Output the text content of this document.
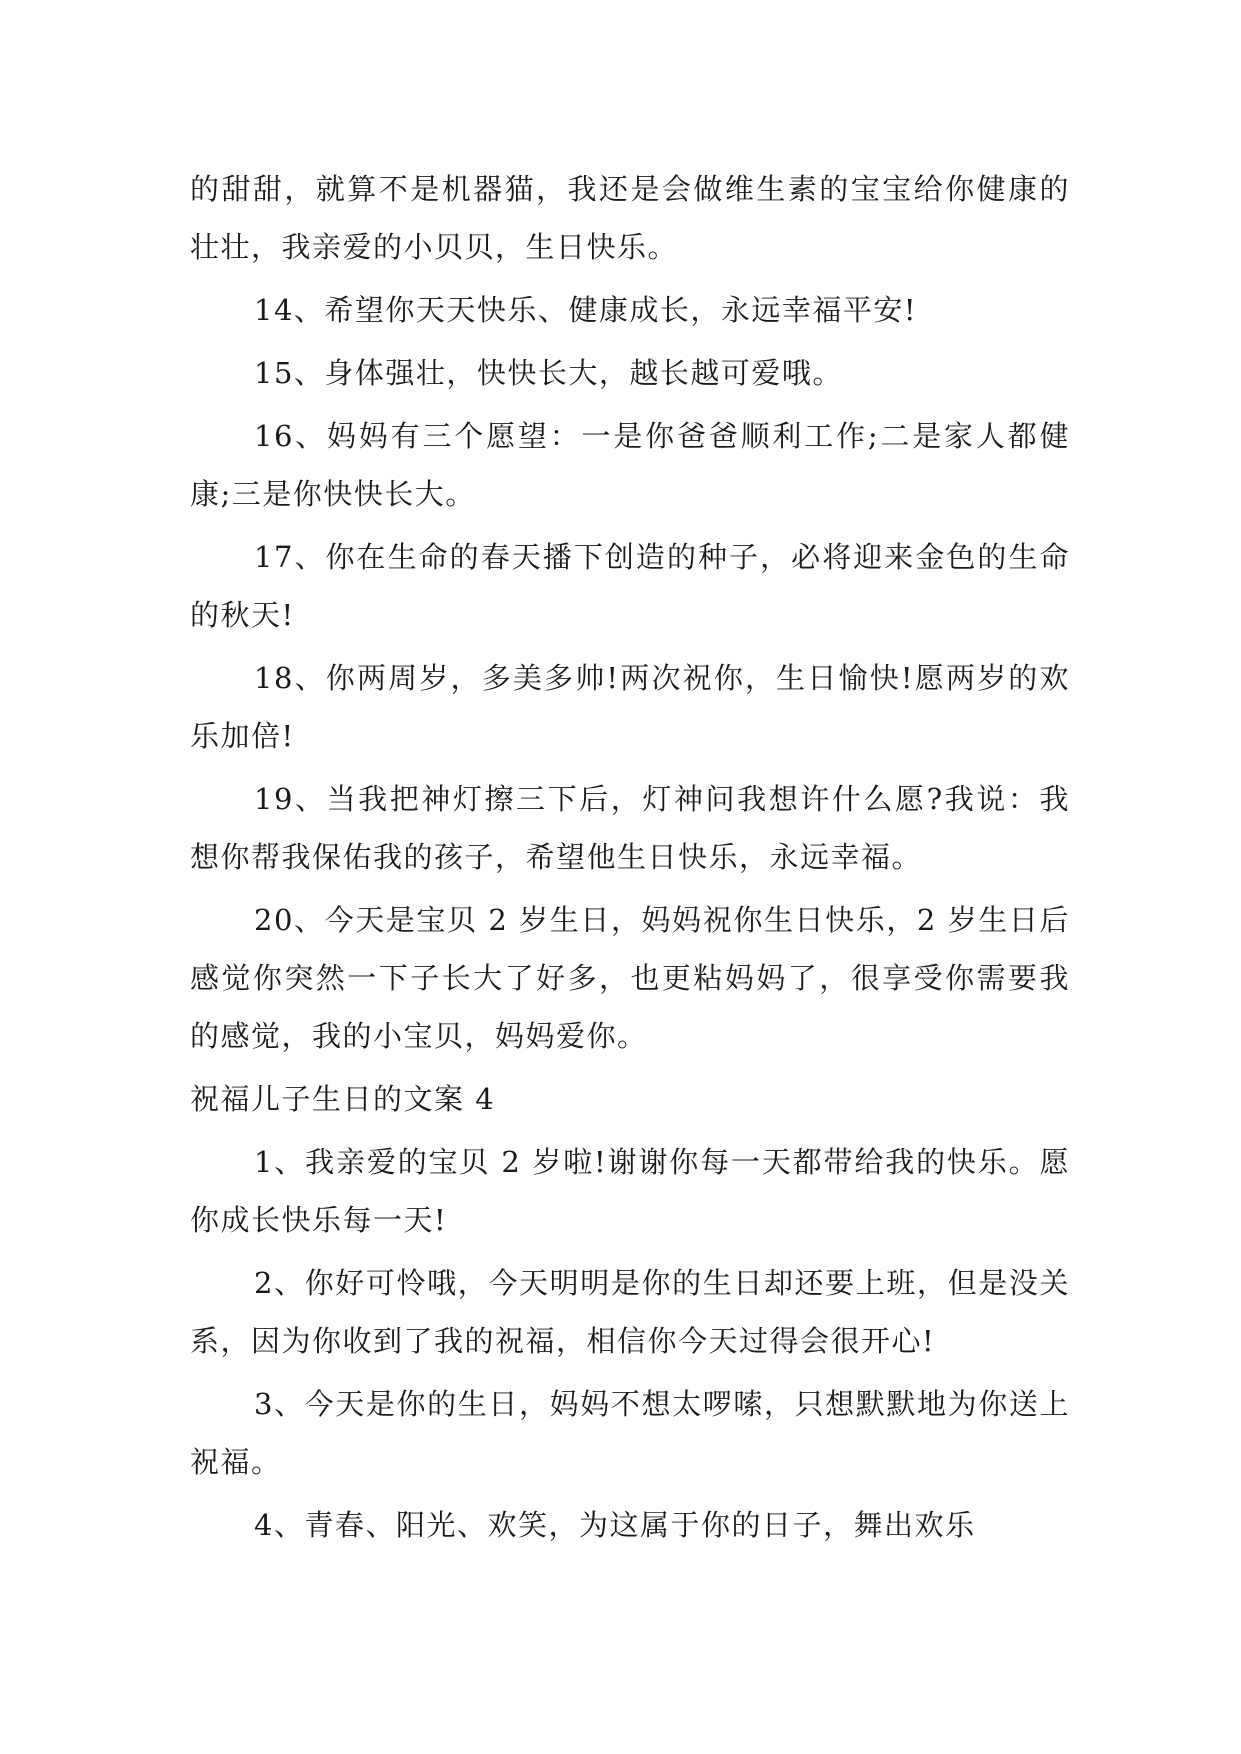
的甜甜，就算不是机器猫，我还是会做维生素的宝宝给你健康的壮壮，我亲爱的小贝贝，生日快乐。

14、希望你天天快乐、健康成长，永远幸福平安!

15、身体强壮，快快长大，越长越可爱哦。

16、妈妈有三个愿望：一是你爸爸顺利工作;二是家人都健康;三是你快快长大。

17、你在生命的春天播下创造的种子，必将迎来金色的生命的秋天!

18、你两周岁，多美多帅!两次祝你，生日愉快!愿两岁的欢乐加倍!

19、当我把神灯擦三下后，灯神问我想许什么愿?我说：我想你帮我保佑我的孩子，希望他生日快乐，永远幸福。

20、今天是宝贝 2 岁生日，妈妈祝你生日快乐，2 岁生日后感觉你突然一下子长大了好多，也更粘妈妈了，很享受你需要我的感觉，我的小宝贝，妈妈爱你。

祝福儿子生日的文案 4

1、我亲爱的宝贝 2 岁啦!谢谢你每一天都带给我的快乐。愿你成长快乐每一天!

2、你好可怜哦，今天明明是你的生日却还要上班，但是没关系，因为你收到了我的祝福，相信你今天过得会很开心!

3、今天是你的生日，妈妈不想太啰嗦，只想默默地为你送上祝福。

4、青春、阳光、欢笑，为这属于你的日子，舞出欢乐
